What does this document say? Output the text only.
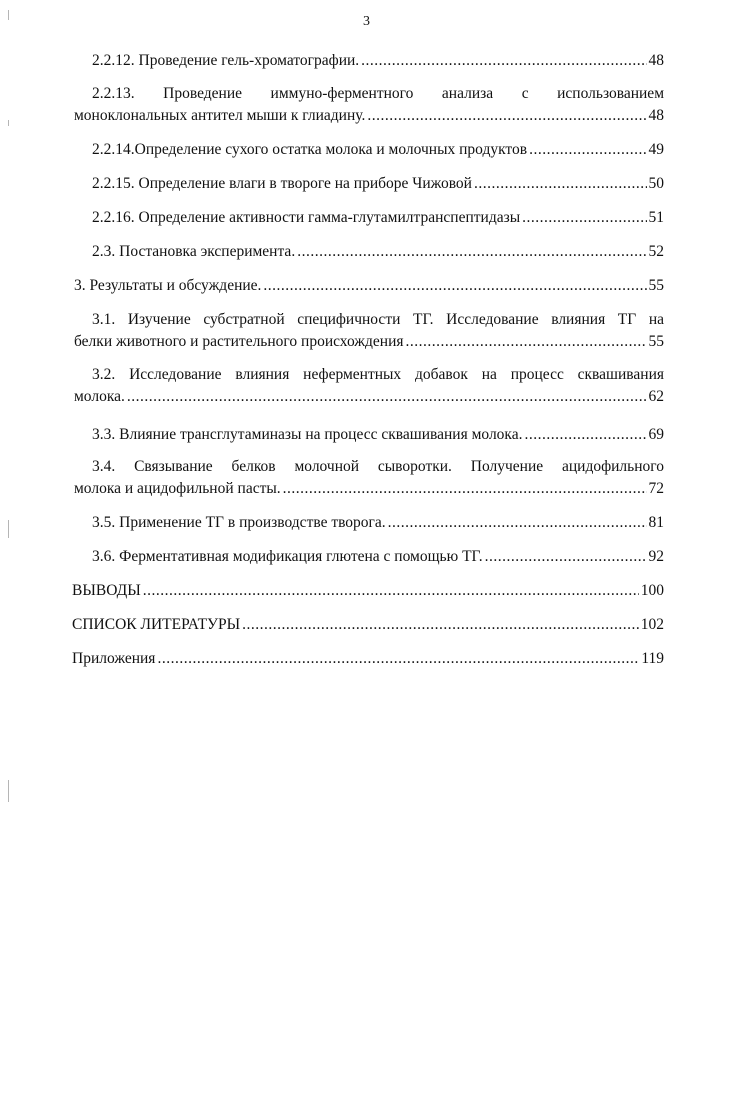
3
2.2.12. Проведение гель-хроматографии. .....	48
2.2.13. Проведение иммуно-ферментного анализа с использованием
моноклональных антител мыши к глиадину. .....	48
2.2.14.Определение сухого остатка молока и молочных продуктов .....	49
2.2.15. Определение влаги в твороге на приборе Чижовой .....	50
2.2.16. Определение активности гамма-глутамилтранспептидазы .....	51
2.3. Постановка эксперимента. .....	52
3. Результаты и обсуждение. .....	55
3.1. Изучение субстратной специфичности ТГ. Исследование влияния ТГ на
белки животного и растительного происхождения .....	55
3.2. Исследование влияния неферментных добавок на процесс сквашивания
молока. .....	62
3.3. Влияние трансглутаминазы на процесс сквашивания молока. .....	69
3.4. Связывание белков молочной сыворотки. Получение ацидофильного
молока и ацидофильной пасты. .....	72
3.5. Применение ТГ в производстве творога. .....	81
3.6. Ферментативная модификация глютена с помощью ТГ. .....	92
ВЫВОДЫ .....	100
СПИСОК ЛИТЕРАТУРЫ .....	102
Приложения .....	119
